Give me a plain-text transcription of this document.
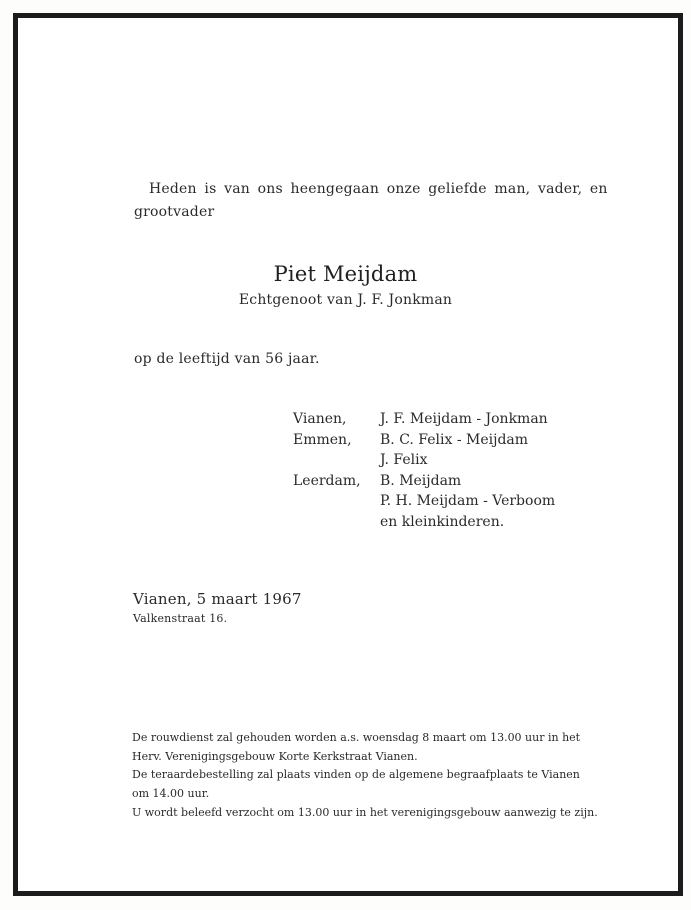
Heden is van ons heengegaan onze geliefde man, vader, en
grootvader
Piet Meijdam
Echtgenoot van J. F. Jonkman
op de leeftijd van 56 jaar.
Vianen, J. F. Meijdam - Jonkman
Emmen, B. C. Felix - Meijdam
J. Felix
Leerdam, B. Meijdam
P. H. Meijdam - Verboom
en kleinkinderen.
Vianen, 5 maart 1967
Valkenstraat 16.
De rouwdienst zal gehouden worden a.s. woensdag 8 maart om 13.00 uur in het
Herv. Verenigingsgebouw Korte Kerkstraat Vianen.
De teraardebestelling zal plaats vinden op de algemene begraafplaats te Vianen
om 14.00 uur.
U wordt beleefd verzocht om 13.00 uur in het verenigingsgebouw aanwezig te zijn.
